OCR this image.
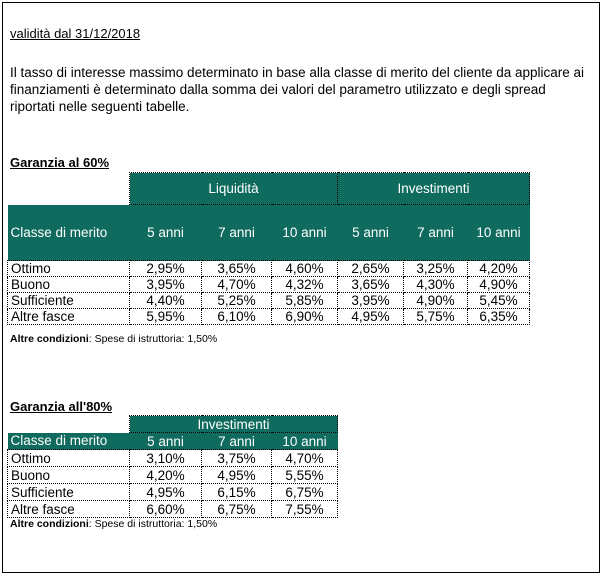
validità dal 31/12/2018
Il tasso di interesse massimo determinato in base alla classe di merito del cliente da applicare ai finanziamenti è determinato dalla somma dei valori del parametro utilizzato e degli spread riportati nelle seguenti tabelle.
Garanzia al 60%
	Liquidità			Investimenti		
Classe di merito	5 anni	7 anni	10 anni	5 anni	7 anni	10 anni
Ottimo	2,95%	3,65%	4,60%	2,65%	3,25%	4,20%
Buono	3,95%	4,70%	4,32%	3,65%	4,30%	4,90%
Sufficiente	4,40%	5,25%	5,85%	3,95%	4,90%	5,45%
Altre fasce	5,95%	6,10%	6,90%	4,95%	5,75%	6,35%
Altre condizioni: Spese di istruttoria: 1,50%
Garanzia all'80%
	Investimenti		
Classe di merito	5 anni	7 anni	10 anni
Ottimo	3,10%	3,75%	4,70%
Buono	4,20%	4,95%	5,55%
Sufficiente	4,95%	6,15%	6,75%
Altre fasce	6,60%	6,75%	7,55%
Altre condizioni: Spese di istruttoria: 1,50%
